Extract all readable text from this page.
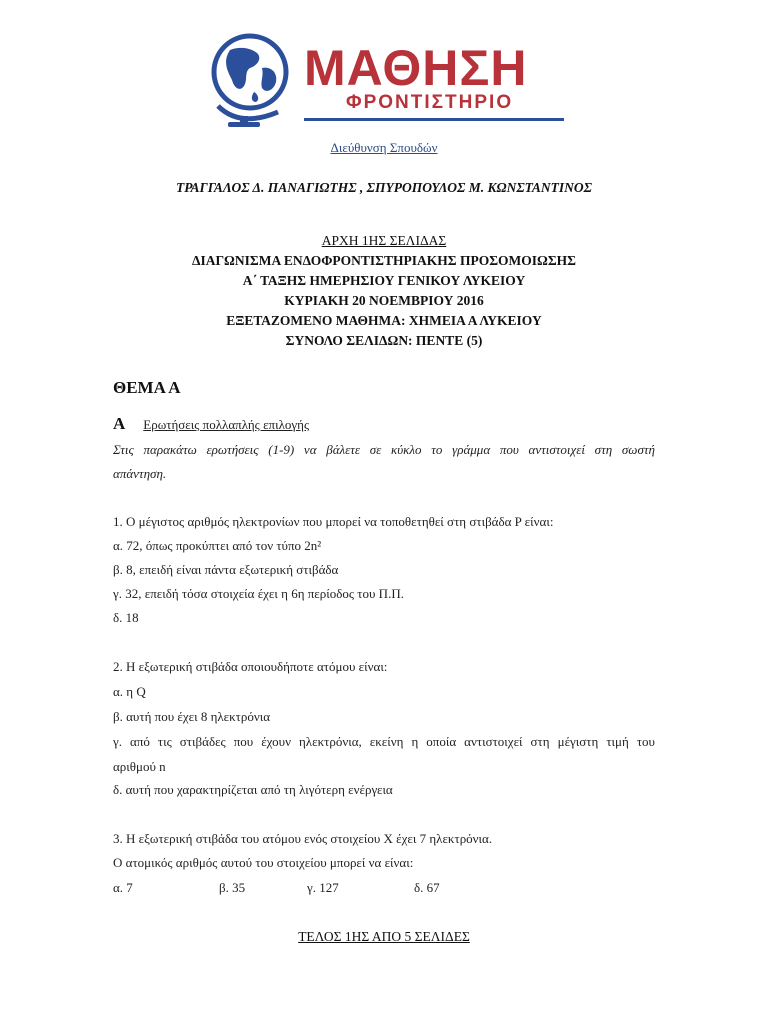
ΜΑΘΗΣΗ
ΦΡΟΝΤΙΣΤΗΡΙΟ
Διεύθυνση Σπουδών
ΤΡΑΓΓΑΛΟΣ Δ. ΠΑΝΑΓΙΩΤΗΣ , ΣΠΥΡΟΠΟΥΛΟΣ Μ. ΚΩΝΣΤΑΝΤΙΝΟΣ
ΑΡΧΗ 1ΗΣ ΣΕΛΙΔΑΣ
ΔΙΑΓΩΝΙΣΜΑ ΕΝΔΟΦΡΟΝΤΙΣΤΗΡΙΑΚΗΣ ΠΡΟΣΟΜΟΙΩΣΗΣ
Α΄ ΤΑΞΗΣ ΗΜΕΡΗΣΙΟΥ ΓΕΝΙΚΟΥ ΛΥΚΕΙΟΥ
ΚΥΡΙΑΚΗ 20 ΝΟΕΜΒΡΙΟΥ 2016
ΕΞΕΤΑΖΟΜΕΝΟ ΜΑΘΗΜΑ: ΧΗΜΕΙΑ Α ΛΥΚΕΙΟΥ
ΣΥΝΟΛΟ ΣΕΛΙΔΩΝ: ΠΕΝΤΕ (5)
ΘΕΜΑ Α
Α Ερωτήσεις πολλαπλής επιλογής
Στις παρακάτω ερωτήσεις (1-9) να βάλετε σε κύκλο το γράμμα που αντιστοιχεί στη σωστή
απάντηση.
1. Ο μέγιστος αριθμός ηλεκτρονίων που μπορεί να τοποθετηθεί στη στιβάδα P είναι:
α. 72, όπως προκύπτει από τον τύπο 2n²
β. 8, επειδή είναι πάντα εξωτερική στιβάδα
γ. 32, επειδή τόσα στοιχεία έχει η 6η περίοδος του Π.Π.
δ. 18
2. Η εξωτερική στιβάδα οποιουδήποτε ατόμου είναι:
α. η Q
β. αυτή που έχει 8 ηλεκτρόνια
γ. από τις στιβάδες που έχουν ηλεκτρόνια, εκείνη η οποία αντιστοιχεί στη μέγιστη τιμή του
αριθμού n
δ. αυτή που χαρακτηρίζεται από τη λιγότερη ενέργεια
3. Η εξωτερική στιβάδα του ατόμου ενός στοιχείου Χ έχει 7 ηλεκτρόνια.
Ο ατομικός αριθμός αυτού του στοιχείου μπορεί να είναι:
α. 7	β. 35	γ. 127	δ. 67
ΤΕΛΟΣ 1ΗΣ ΑΠΟ 5 ΣΕΛΙΔΕΣ
